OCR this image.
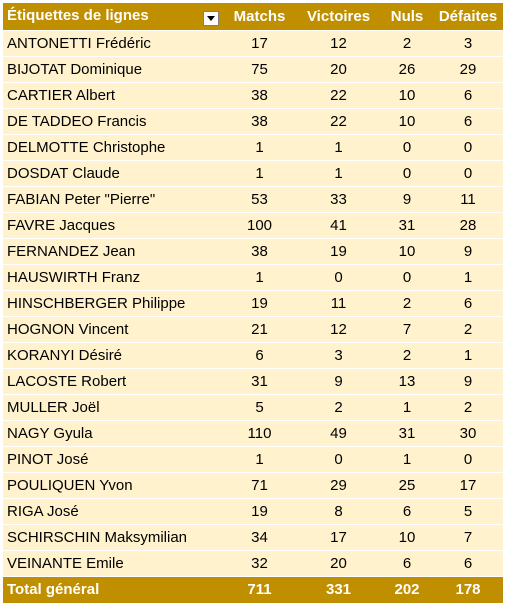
Étiquettes de lignes	Matchs	Victoires	Nuls	Défaites
ANTONETTI Frédéric	17	12	2	3
BIJOTAT Dominique	75	20	26	29
CARTIER Albert	38	22	10	6
DE TADDEO Francis	38	22	10	6
DELMOTTE Christophe	1	1	0	0
DOSDAT Claude	1	1	0	0
FABIAN Peter "Pierre"	53	33	9	11
FAVRE Jacques	100	41	31	28
FERNANDEZ Jean	38	19	10	9
HAUSWIRTH Franz	1	0	0	1
HINSCHBERGER Philippe	19	11	2	6
HOGNON Vincent	21	12	7	2
KORANYI Désiré	6	3	2	1
LACOSTE Robert	31	9	13	9
MULLER Joël	5	2	1	2
NAGY Gyula	110	49	31	30
PINOT José	1	0	1	0
POULIQUEN Yvon	71	29	25	17
RIGA José	19	8	6	5
SCHIRSCHIN Maksymilian	34	17	10	7
VEINANTE Emile	32	20	6	6
Total général	711	331	202	178
